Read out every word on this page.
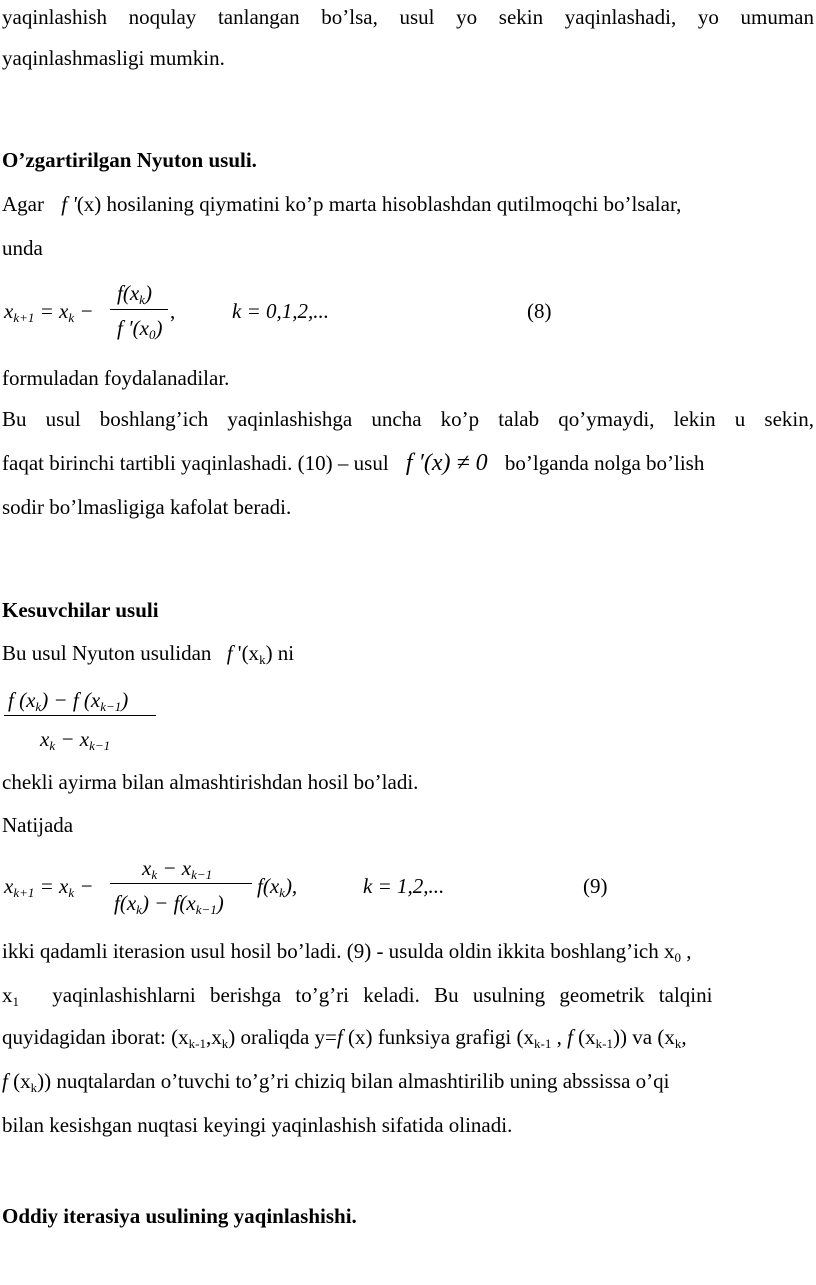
yaqinlashish noqulay tanlangan bo’lsa, usul yo sekin yaqinlashadi, yo umuman
yaqinlashmasligi mumkin.
O’zgartirilgan Nyuton usuli.
Agar f '(x) hosilaning qiymatini ko’p marta hisoblashdan qutilmoqchi bo’lsalar,
unda
$x_{k+1} = x_k$ −
$f(x_k)$
f $'(x_0)$
,	k = 0,1,2,...	(8)
formuladan foydalanadilar.
Bu usul boshlang’ich yaqinlashishga uncha ko’p talab qo’ymaydi, lekin u sekin,
faqat birinchi tartibli yaqinlashadi. (10) – usul f ′(x) ≠ 0 bo’lganda nolga bo’lish
sodir bo’lmasligiga kafolat beradi.
Kesuvchilar usuli
Bu usul Nyuton usulidan f '$(x_k)$ ni
f $(x_k) - f$ $(x_{k-1})$
$x_k - x_{k-1}$
chekli ayirma bilan almashtirishdan hosil bo’ladi.
Natijada
$x_{k+1} = x_k$ −
$x_k - x_{k-1}$
$f(x_k) - f(x_{k-1})$
$f(x_k)$,	k = 1,2,...	(9)
ikki qadamli iterasion usul hosil bo’ladi. (9) - usulda oldin ikkita boshlang’ich $x_0$ ,
$x_1$ yaqinlashishlarni berishga to’g’ri keladi. Bu usulning geometrik talqini
quyidagidan iborat: $(x_{k-1},x_k)$ oraliqda y=f (x) funksiya grafigi ($x_{k-1}$ , f $(x_{k-1})$) va ($x_k$,
f $(x_k)$) nuqtalardan o’tuvchi to’g’ri chiziq bilan almashtirilib uning abssissa o’qi
bilan kesishgan nuqtasi keyingi yaqinlashish sifatida olinadi.
Oddiy iterasiya usulining yaqinlashishi.
